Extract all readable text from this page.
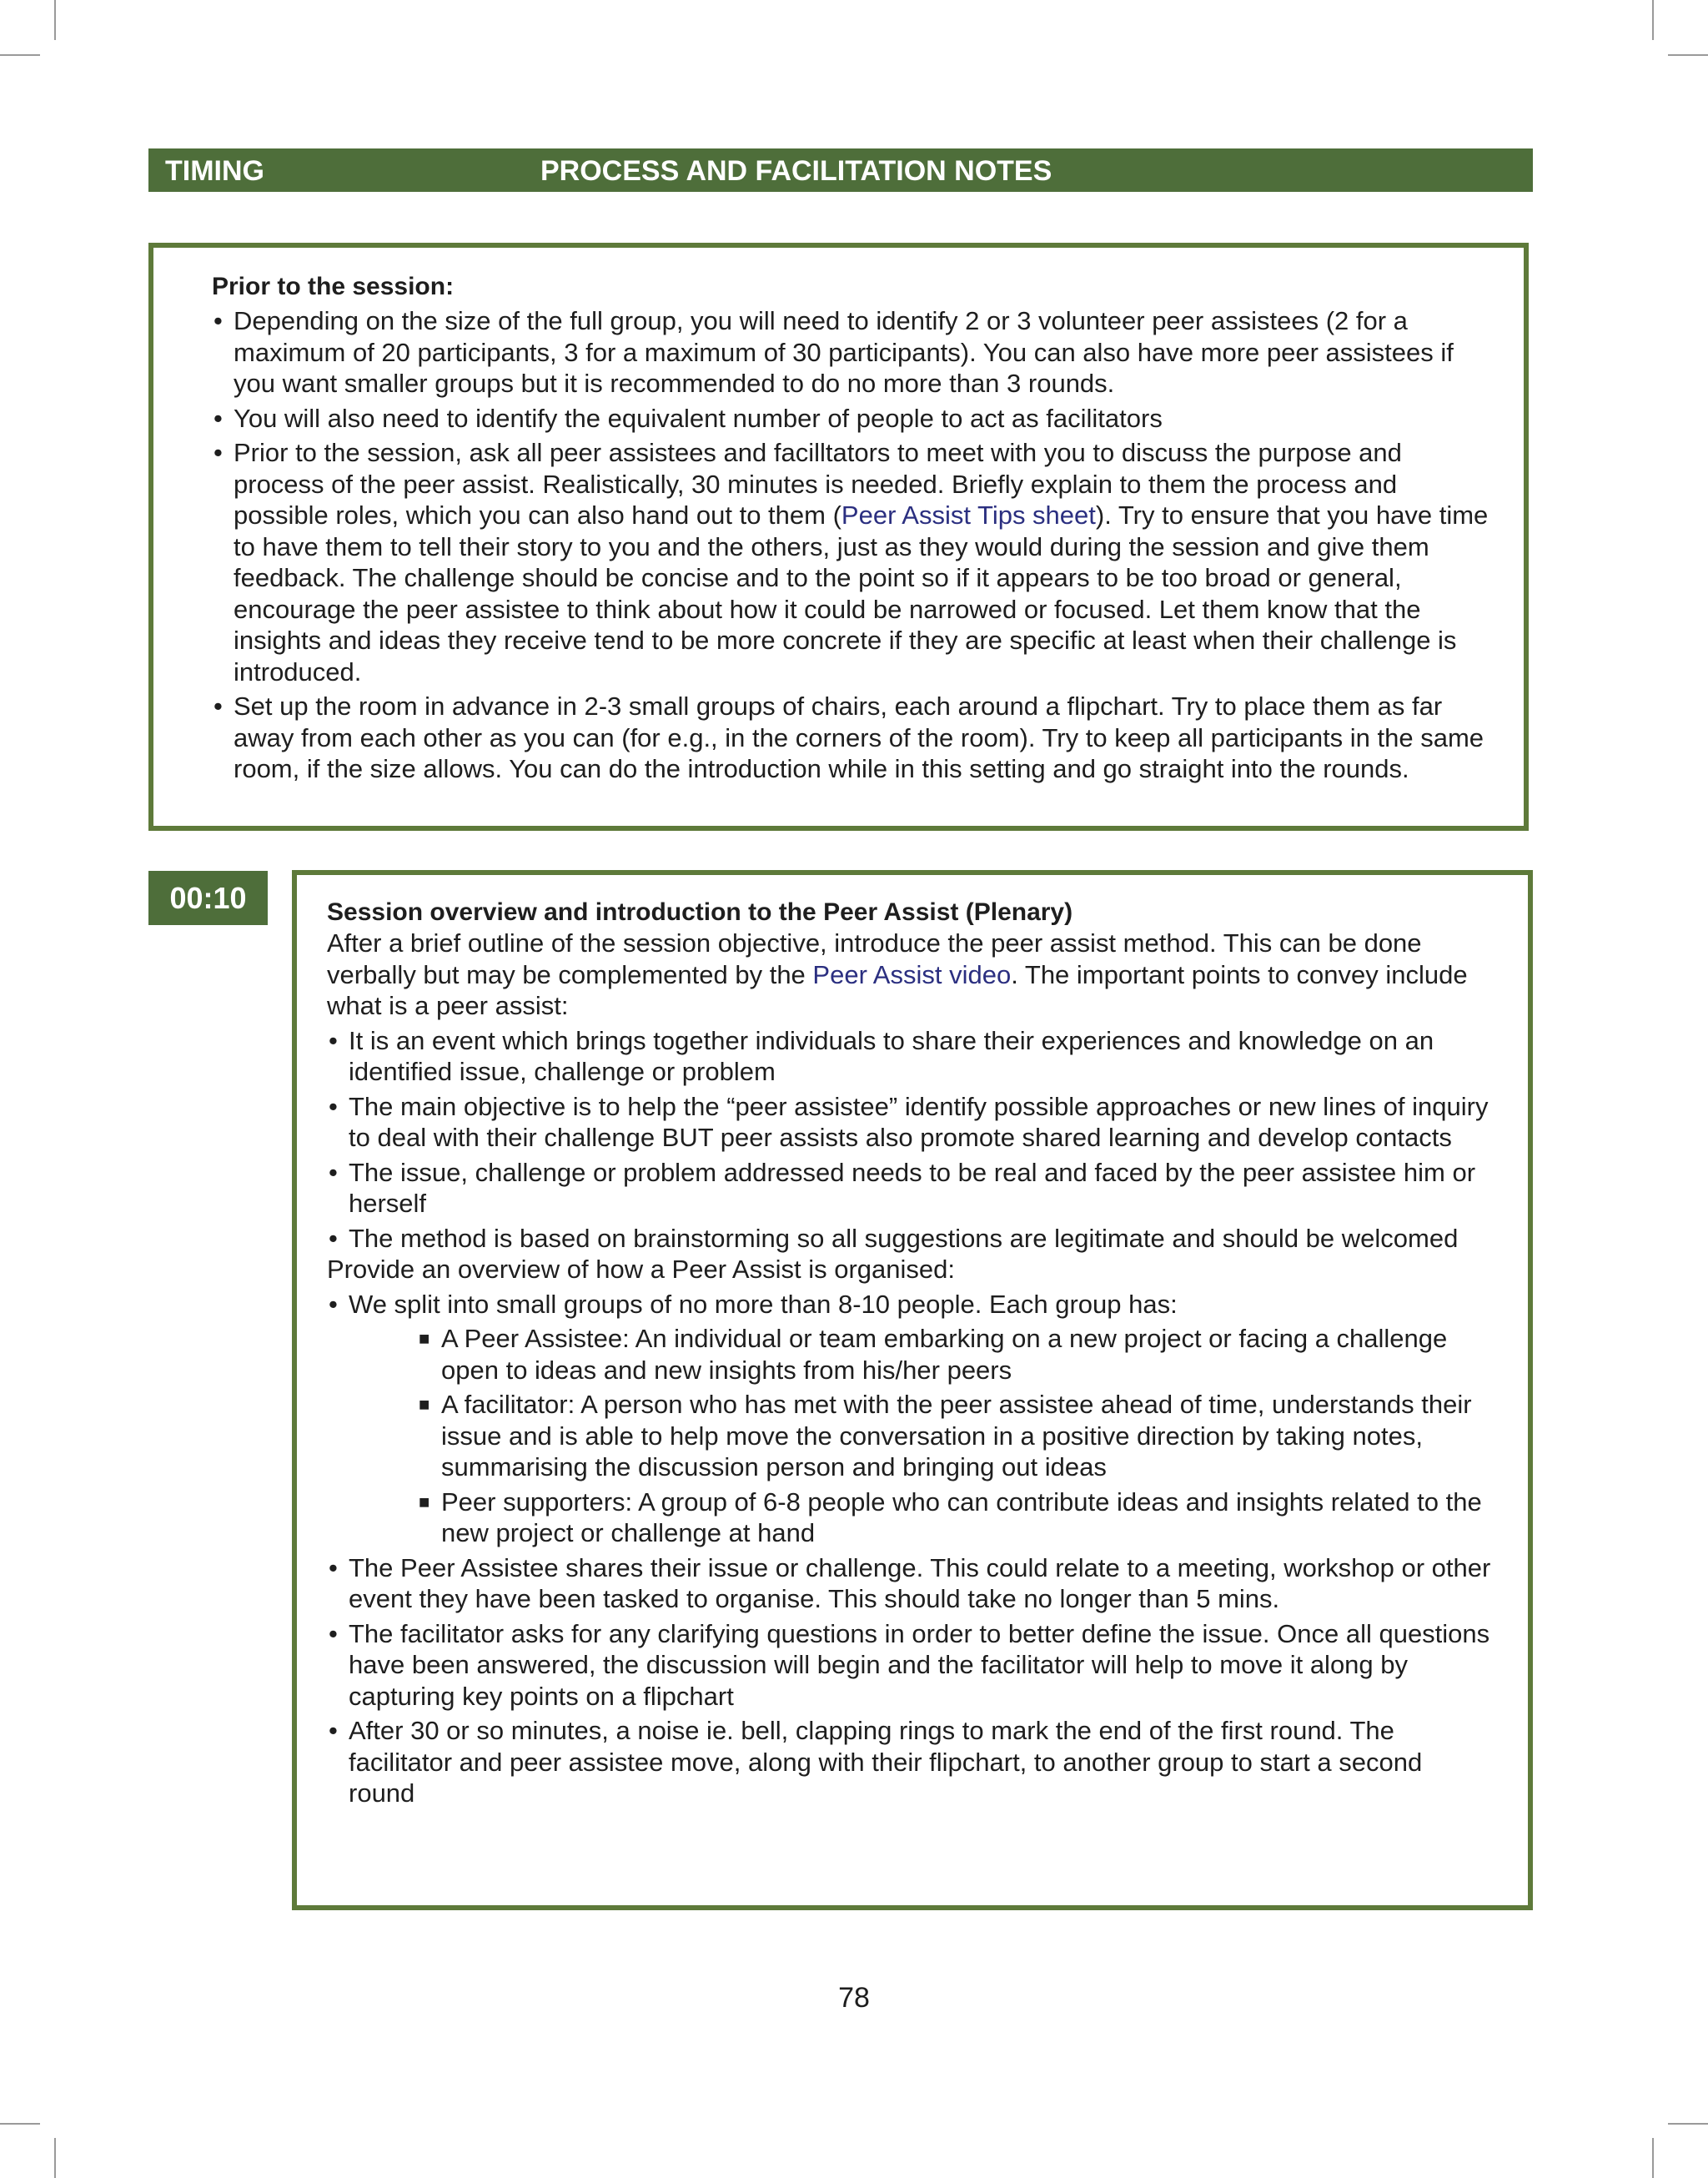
TIMING	PROCESS AND FACILITATION NOTES
Prior to the session:
• Depending on the size of the full group, you will need to identify 2 or 3 volunteer peer assistees (2 for a maximum of 20 participants, 3 for a maximum of 30 participants). You can also have more peer assistees if you want smaller groups but it is recommended to do no more than 3 rounds.
• You will also need to identify the equivalent number of people to act as facilitators
• Prior to the session, ask all peer assistees and facilltators to meet with you to discuss the purpose and process of the peer assist. Realistically, 30 minutes is needed. Briefly explain to them the process and possible roles, which you can also hand out to them (Peer Assist Tips sheet). Try to ensure that you have time to have them to tell their story to you and the others, just as they would during the session and give them feedback. The challenge should be concise and to the point so if it appears to be too broad or general, encourage the peer assistee to think about how it could be narrowed or focused. Let them know that the insights and ideas they receive tend to be more concrete if they are specific at least when their challenge is introduced.
• Set up the room in advance in 2-3 small groups of chairs, each around a flipchart. Try to place them as far away from each other as you can (for e.g., in the corners of the room). Try to keep all participants in the same room, if the size allows. You can do the introduction while in this setting and go straight into the rounds.
00:10	Session overview and introduction to the Peer Assist (Plenary)
After a brief outline of the session objective, introduce the peer assist method. This can be done verbally but may be complemented by the Peer Assist video. The important points to convey include what is a peer assist:
• It is an event which brings together individuals to share their experiences and knowledge on an identified issue, challenge or problem
• The main objective is to help the “peer assistee” identify possible approaches or new lines of inquiry to deal with their challenge BUT peer assists also promote shared learning and develop contacts
• The issue, challenge or problem addressed needs to be real and faced by the peer assistee him or herself
• The method is based on brainstorming so all suggestions are legitimate and should be welcomed
Provide an overview of how a Peer Assist is organised:
• We split into small groups of no more than 8-10 people. Each group has:
■ A Peer Assistee: An individual or team embarking on a new project or facing a challenge open to ideas and new insights from his/her peers
■ A facilitator: A person who has met with the peer assistee ahead of time, understands their issue and is able to help move the conversation in a positive direction by taking notes, summarising the discussion person and bringing out ideas
■ Peer supporters: A group of 6-8 people who can contribute ideas and insights related to the new project or challenge at hand
• The Peer Assistee shares their issue or challenge. This could relate to a meeting, workshop or other event they have been tasked to organise. This should take no longer than 5 mins.
• The facilitator asks for any clarifying questions in order to better define the issue. Once all questions have been answered, the discussion will begin and the facilitator will help to move it along by capturing key points on a flipchart
• After 30 or so minutes, a noise ie. bell, clapping rings to mark the end of the first round. The facilitator and peer assistee move, along with their flipchart, to another group to start a second round
78
